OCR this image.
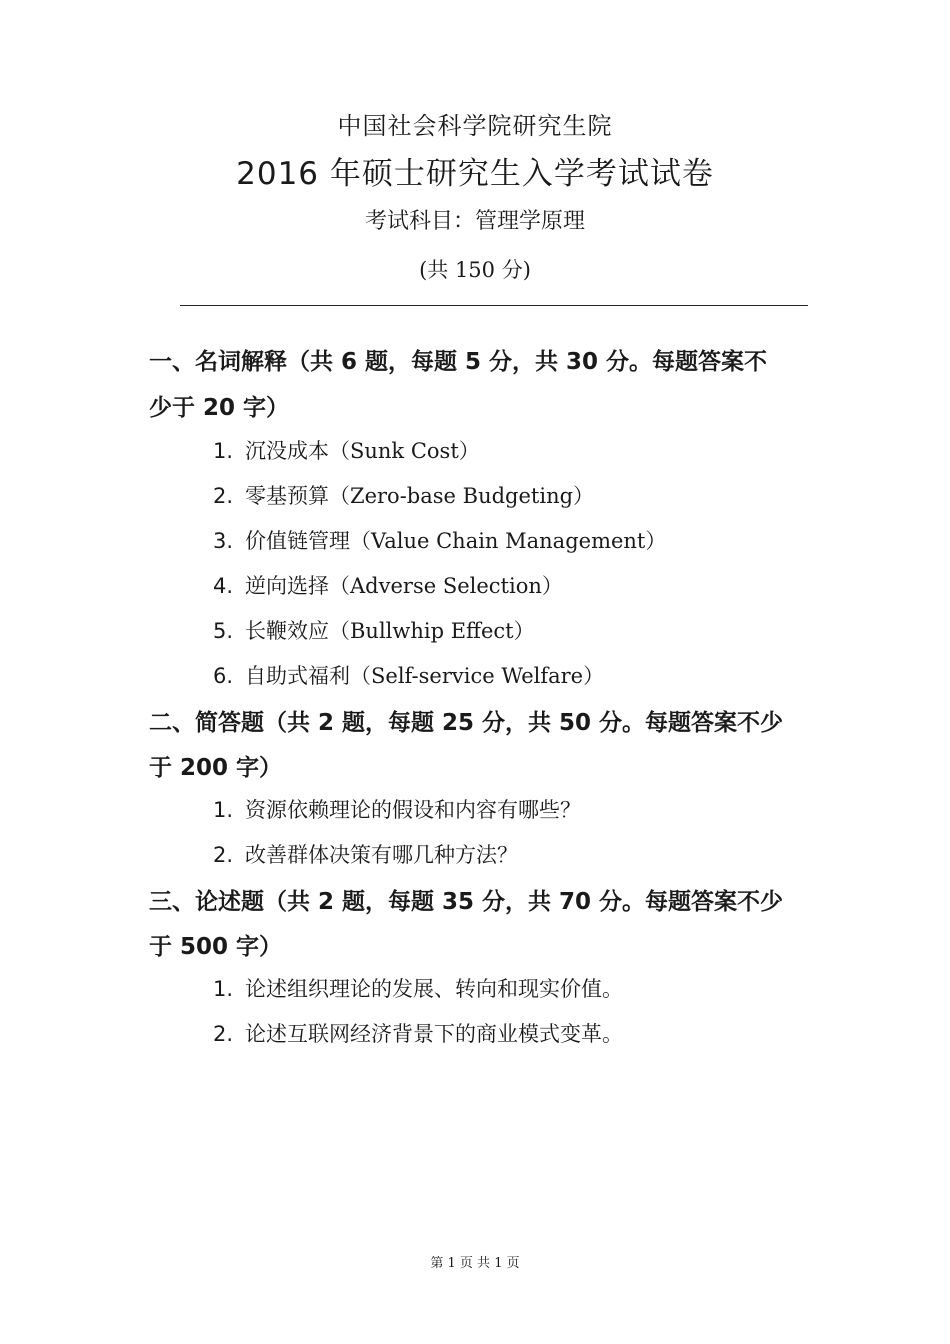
中国社会科学院研究生院
2016 年硕士研究生入学考试试卷
考试科目：管理学原理
(共 150 分)
一、名词解释（共 6 题，每题 5 分，共 30 分。每题答案不
少于 20 字）
1. 沉没成本（Sunk Cost）
2. 零基预算（Zero-base Budgeting）
3. 价值链管理（Value Chain Management）
4. 逆向选择（Adverse Selection）
5. 长鞭效应（Bullwhip Effect）
6. 自助式福利（Self-service Welfare）
二、简答题（共 2 题，每题 25 分，共 50 分。每题答案不少
于 200 字）
1. 资源依赖理论的假设和内容有哪些？
2. 改善群体决策有哪几种方法？
三、论述题（共 2 题，每题 35 分，共 70 分。每题答案不少
于 500 字）
1. 论述组织理论的发展、转向和现实价值。
2. 论述互联网经济背景下的商业模式变革。
第 1 页 共 1 页
